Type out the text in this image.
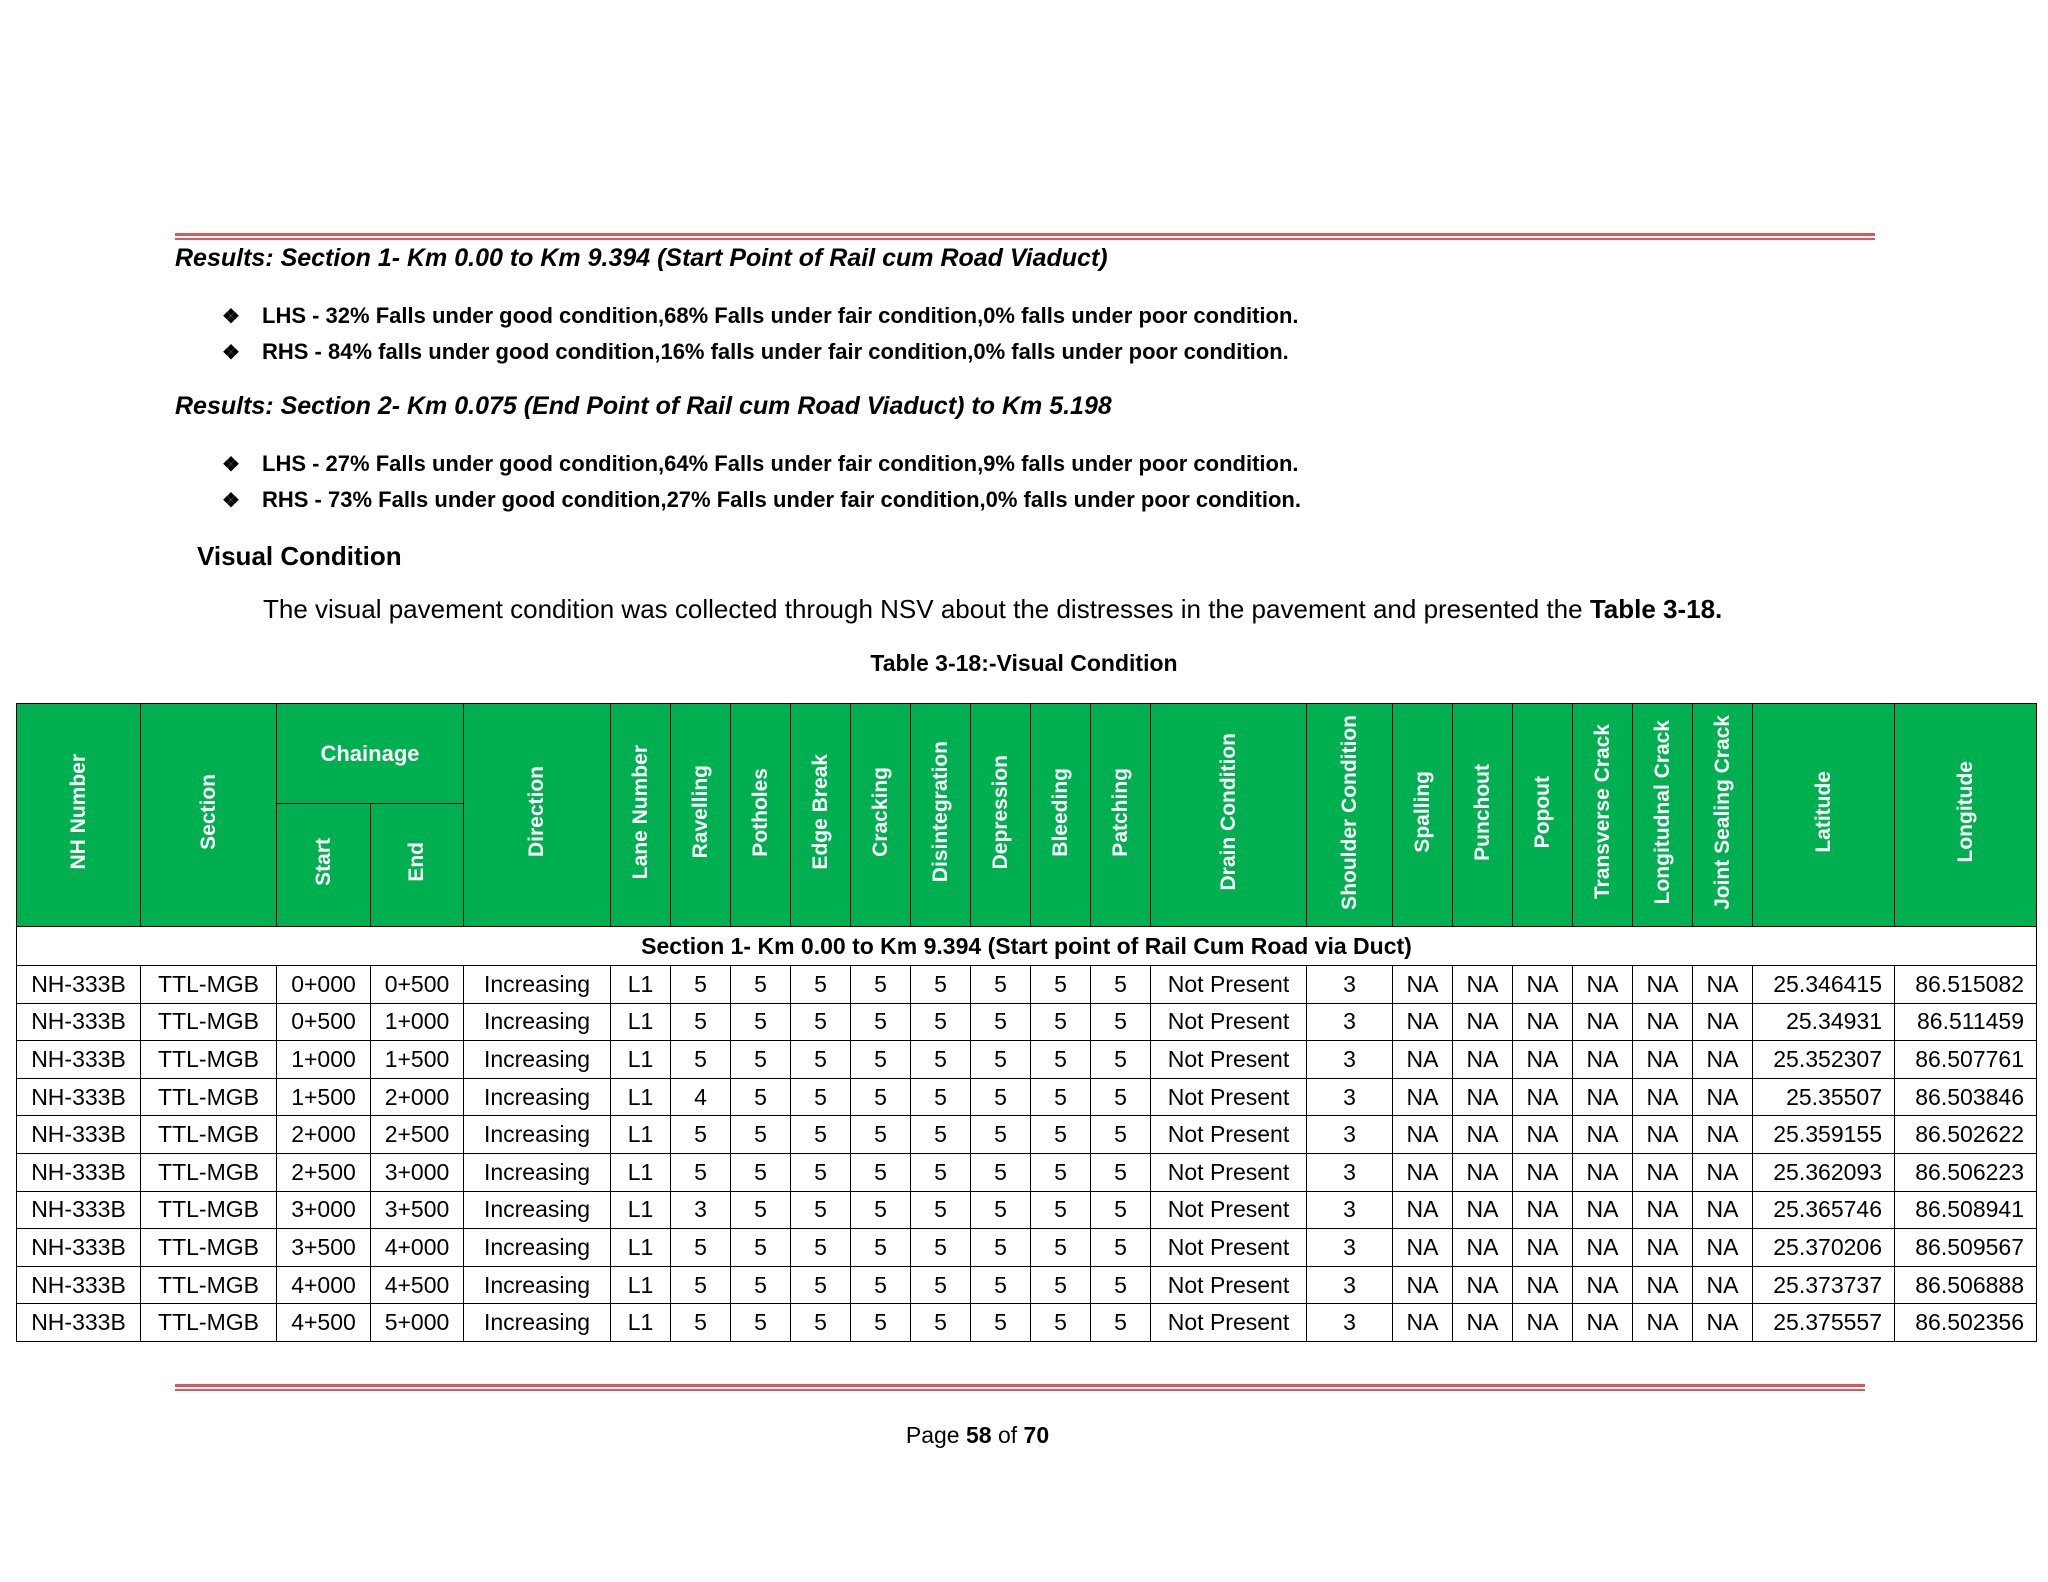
Results: Section 1- Km 0.00 to Km 9.394 (Start Point of Rail cum Road Viaduct)
❖ LHS - 32% Falls under good condition,68% Falls under fair condition,0% falls under poor condition.
❖ RHS - 84% falls under good condition,16% falls under fair condition,0% falls under poor condition.
Results: Section 2- Km 0.075 (End Point of Rail cum Road Viaduct) to Km 5.198
❖ LHS - 27% Falls under good condition,64% Falls under fair condition,9% falls under poor condition.
❖ RHS - 73% Falls under good condition,27% Falls under fair condition,0% falls under poor condition.
Visual Condition
The visual pavement condition was collected through NSV about the distresses in the pavement and presented the Table 3-18.
Table 3-18:-Visual Condition
NH Number	Section	Chainage		Direction	Lane Number	Ravelling	Potholes	Edge Break	Cracking	Disintegration	Depression	Bleeding	Patching	Drain Condition	Shoulder Condition	Spalling	Punchout	Popout	Transverse Crack	Longitudnal Crack	Joint Sealing Crack	Latitude	Longitude
		Start	End																				
Section 1- Km 0.00 to Km 9.394 (Start point of Rail Cum Road via Duct)																							
NH-333B	TTL-MGB	0+000	0+500	Increasing	L1	5	5	5	5	5	5	5	5	Not Present	3	NA	NA	NA	NA	NA	NA	25.346415	86.515082
NH-333B	TTL-MGB	0+500	1+000	Increasing	L1	5	5	5	5	5	5	5	5	Not Present	3	NA	NA	NA	NA	NA	NA	25.34931	86.511459
NH-333B	TTL-MGB	1+000	1+500	Increasing	L1	5	5	5	5	5	5	5	5	Not Present	3	NA	NA	NA	NA	NA	NA	25.352307	86.507761
NH-333B	TTL-MGB	1+500	2+000	Increasing	L1	4	5	5	5	5	5	5	5	Not Present	3	NA	NA	NA	NA	NA	NA	25.35507	86.503846
NH-333B	TTL-MGB	2+000	2+500	Increasing	L1	5	5	5	5	5	5	5	5	Not Present	3	NA	NA	NA	NA	NA	NA	25.359155	86.502622
NH-333B	TTL-MGB	2+500	3+000	Increasing	L1	5	5	5	5	5	5	5	5	Not Present	3	NA	NA	NA	NA	NA	NA	25.362093	86.506223
NH-333B	TTL-MGB	3+000	3+500	Increasing	L1	3	5	5	5	5	5	5	5	Not Present	3	NA	NA	NA	NA	NA	NA	25.365746	86.508941
NH-333B	TTL-MGB	3+500	4+000	Increasing	L1	5	5	5	5	5	5	5	5	Not Present	3	NA	NA	NA	NA	NA	NA	25.370206	86.509567
NH-333B	TTL-MGB	4+000	4+500	Increasing	L1	5	5	5	5	5	5	5	5	Not Present	3	NA	NA	NA	NA	NA	NA	25.373737	86.506888
NH-333B	TTL-MGB	4+500	5+000	Increasing	L1	5	5	5	5	5	5	5	5	Not Present	3	NA	NA	NA	NA	NA	NA	25.375557	86.502356
Page 58 of 70
